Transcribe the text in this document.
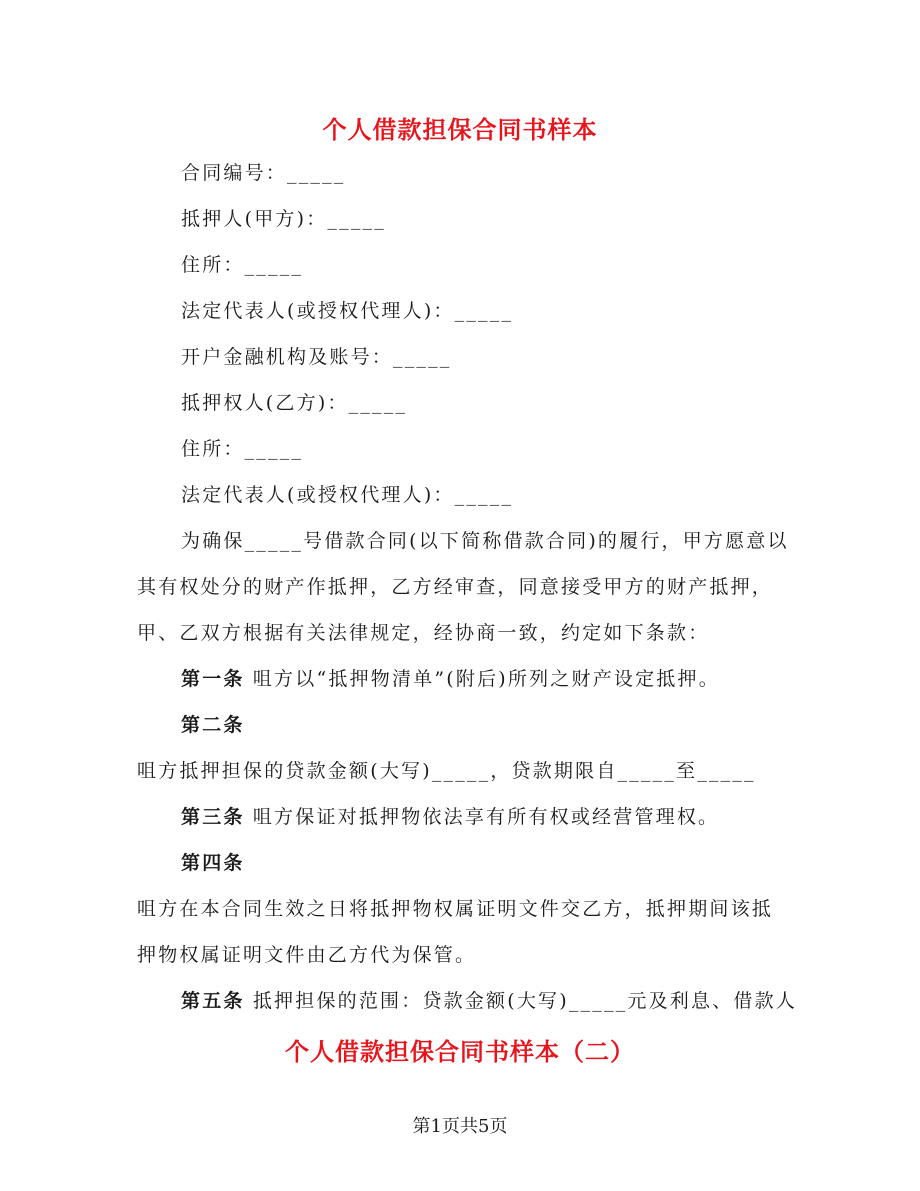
个人借款担保合同书样本
合同编号：_____
抵押人(甲方)：_____
住所：_____
法定代表人(或授权代理人)：_____
开户金融机构及账号：_____
抵押权人(乙方)：_____
住所：_____
法定代表人(或授权代理人)：_____
为确保_____号借款合同(以下简称借款合同)的履行，甲方愿意以
其有权处分的财产作抵押，乙方经审查，同意接受甲方的财产抵押，
甲、乙双方根据有关法律规定，经协商一致，约定如下条款：
第一条 咀方以“抵押物清单”(附后)所列之财产设定抵押。
第二条
咀方抵押担保的贷款金额(大写)_____，贷款期限自_____至_____
第三条 咀方保证对抵押物依法享有所有权或经营管理权。
第四条
咀方在本合同生效之日将抵押物权属证明文件交乙方，抵押期间该抵
押物权属证明文件由乙方代为保管。
第五条 抵押担保的范围：贷款金额(大写)_____元及利息、借款人
个人借款担保合同书样本（二）
第1页共5页
